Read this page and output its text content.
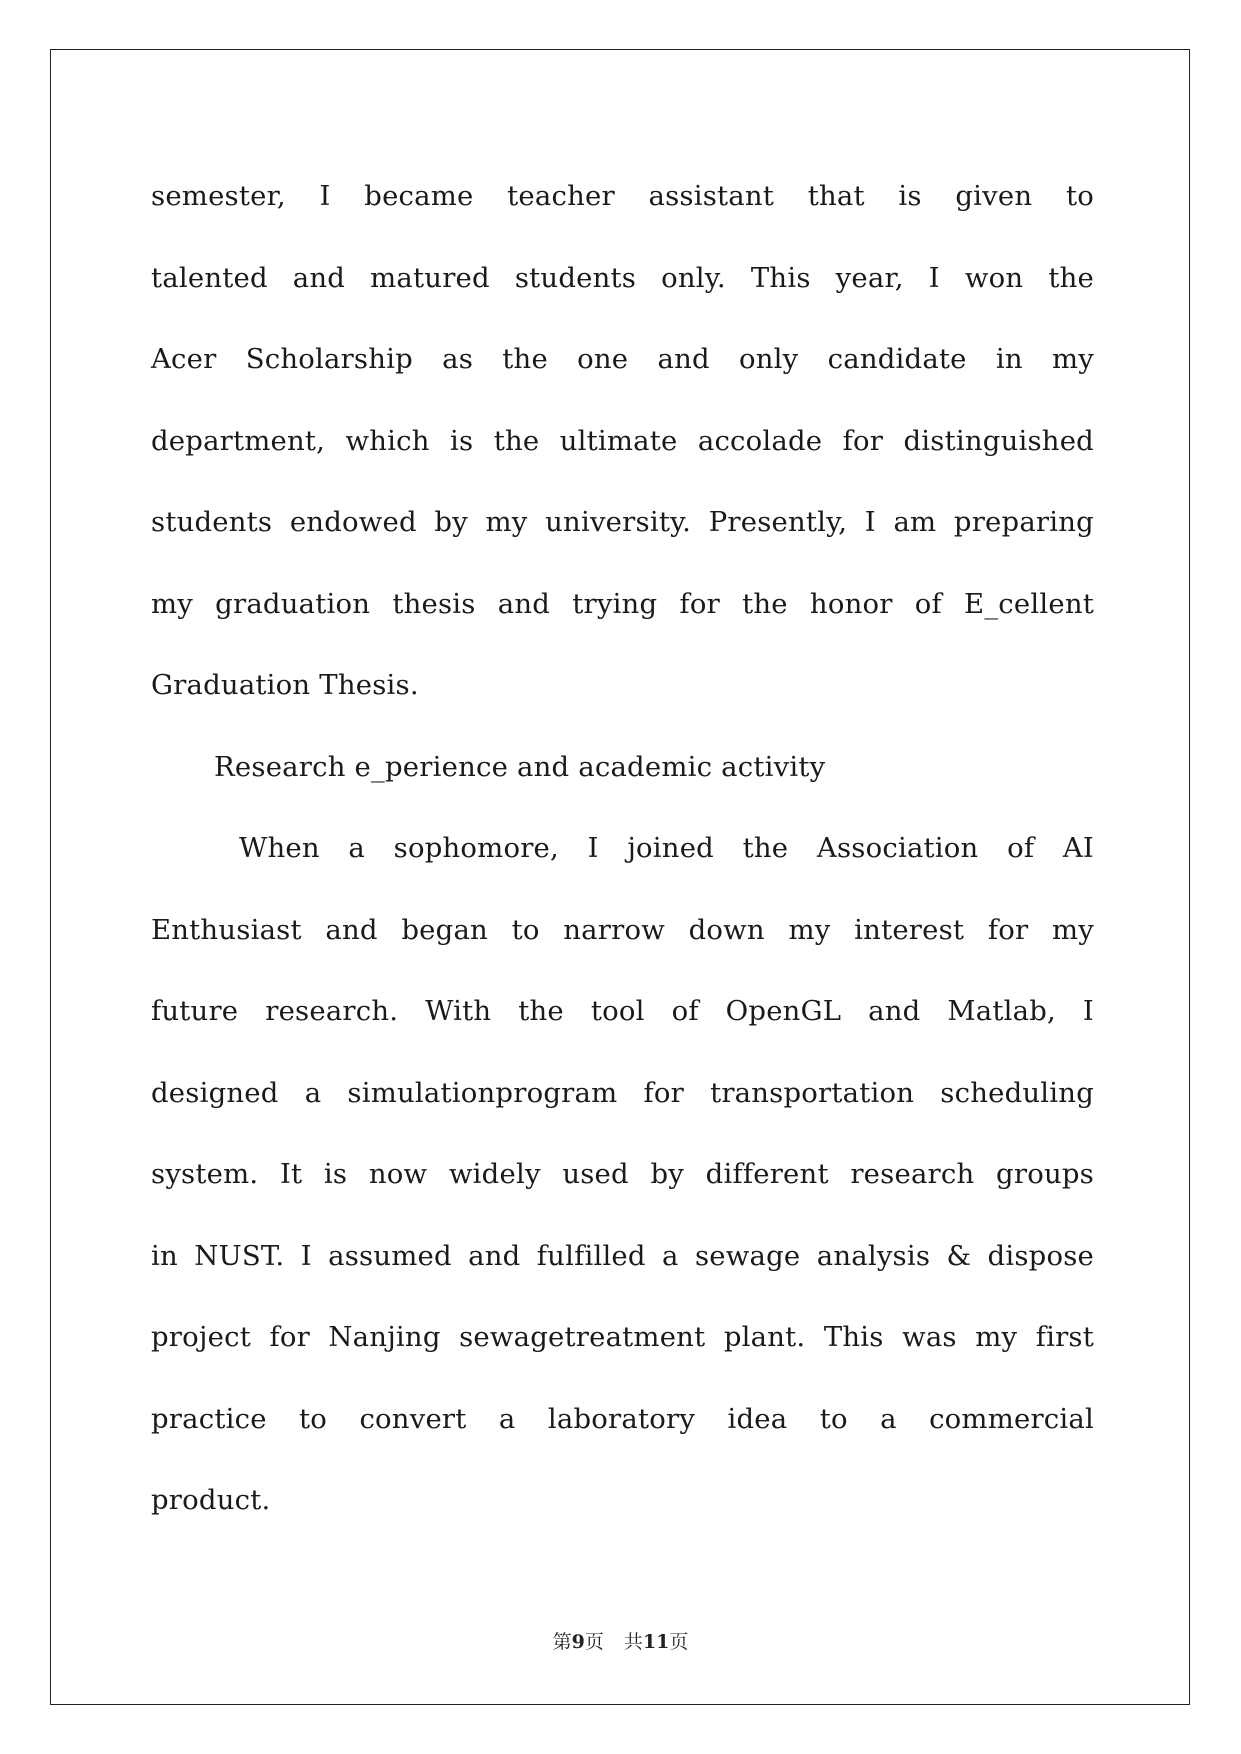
semester, I became teacher assistant that is given to
talented and matured students only. This year, I won the
Acer Scholarship as the one and only candidate in my
department, which is the ultimate accolade for distinguished
students endowed by my university. Presently, I am preparing
my graduation thesis and trying for the honor of E_cellent
Graduation Thesis.
Research e_perience and academic activity
When a sophomore, I joined the Association of AI
Enthusiast and began to narrow down my interest for my
future research. With the tool of OpenGL and Matlab, I
designed a simulationprogram for transportation scheduling
system. It is now widely used by different research groups
in NUST. I assumed and fulfilled a sewage analysis & dispose
project for Nanjing sewagetreatment plant. This was my first
practice to convert a laboratory idea to a commercial
product.
第9页 共11页
